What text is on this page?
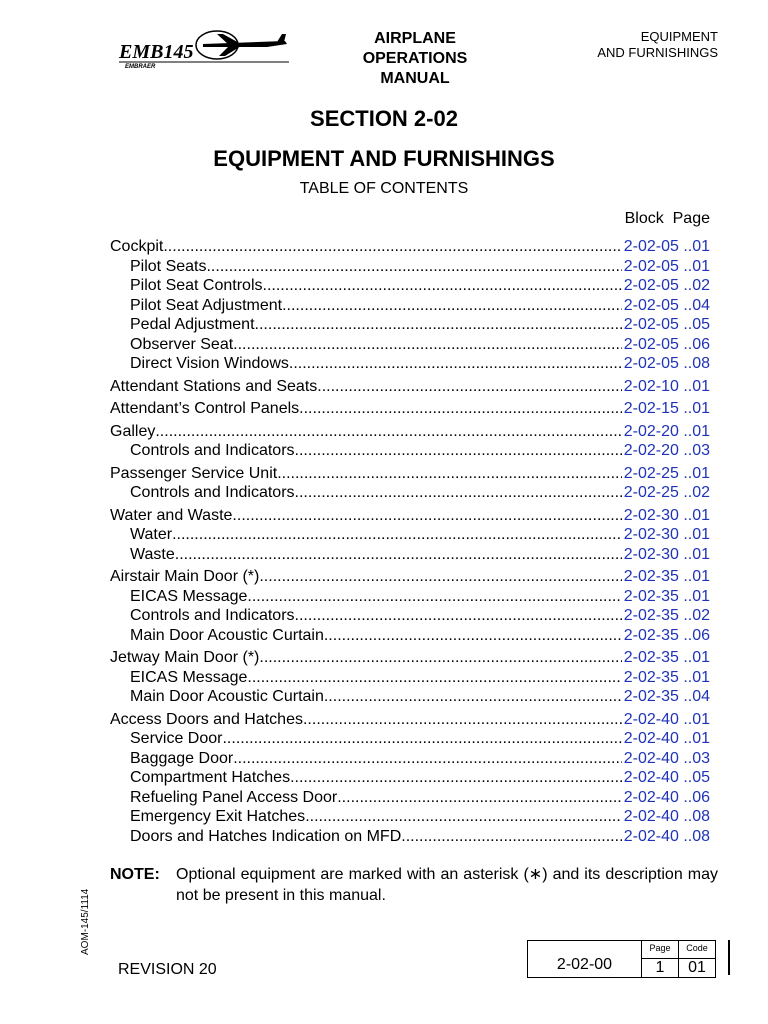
EMB145
EMBRAER
AIRPLANE
OPERATIONS
MANUAL
EQUIPMENT
AND FURNISHINGS
SECTION 2-02
EQUIPMENT AND FURNISHINGS
TABLE OF CONTENTS
Block  Page
Cockpit .....	2-02-05 ..01
Pilot Seats .....	2-02-05 ..01
Pilot Seat Controls .....	2-02-05 ..02
Pilot Seat Adjustment .....	2-02-05 ..04
Pedal Adjustment .....	2-02-05 ..05
Observer Seat .....	2-02-05 ..06
Direct Vision Windows .....	2-02-05 ..08
Attendant Stations and Seats .....	2-02-10 ..01
Attendant’s Control Panels .....	2-02-15 ..01
Galley .....	2-02-20 ..01
Controls and Indicators .....	2-02-20 ..03
Passenger Service Unit .....	2-02-25 ..01
Controls and Indicators .....	2-02-25 ..02
Water and Waste .....	2-02-30 ..01
Water .....	2-02-30 ..01
Waste .....	2-02-30 ..01
Airstair Main Door (*) .....	2-02-35 ..01
EICAS Message .....	2-02-35 ..01
Controls and Indicators .....	2-02-35 ..02
Main Door Acoustic Curtain .....	2-02-35 ..06
Jetway Main Door (*) .....	2-02-35 ..01
EICAS Message .....	2-02-35 ..01
Main Door Acoustic Curtain .....	2-02-35 ..04
Access Doors and Hatches .....	2-02-40 ..01
Service Door .....	2-02-40 ..01
Baggage Door .....	2-02-40 ..03
Compartment Hatches .....	2-02-40 ..05
Refueling Panel Access Door .....	2-02-40 ..06
Emergency Exit Hatches .....	2-02-40 ..08
Doors and Hatches Indication on MFD .....	2-02-40 ..08
NOTE: Optional equipment are marked with an asterisk (∗) and its description may not be present in this manual.
AOM-145/1114
REVISION 20	2-02-00
Page
1
Code
01
